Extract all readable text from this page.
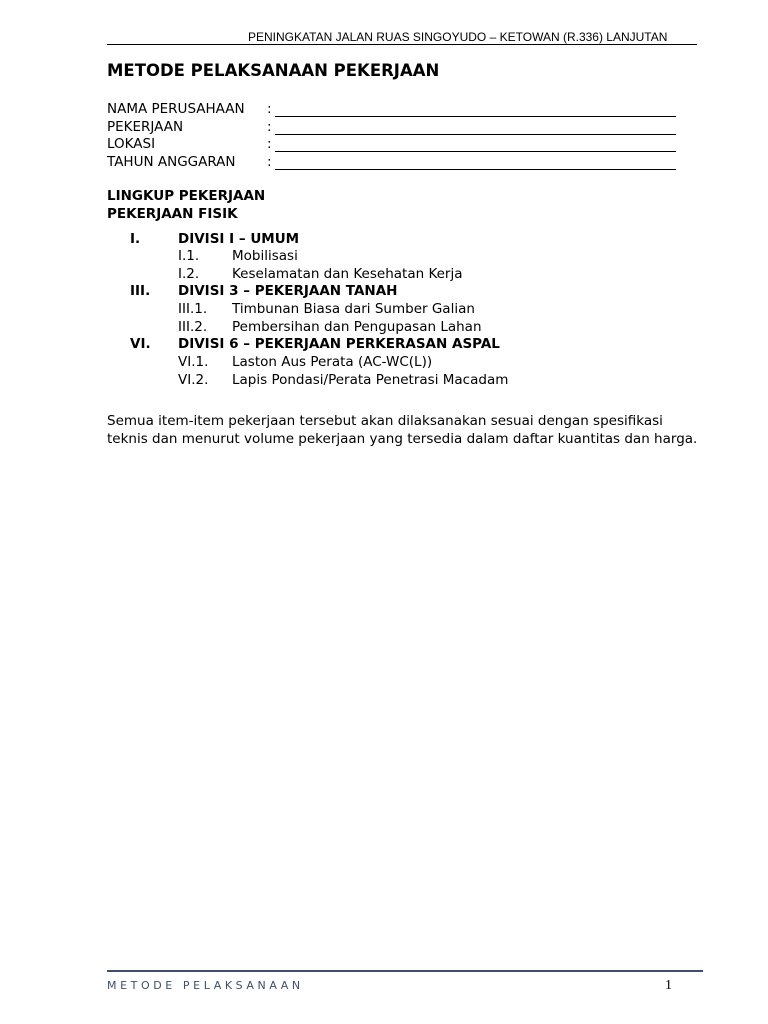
PENINGKATAN JALAN RUAS SINGOYUDO – KETOWAN (R.336) LANJUTAN
METODE PELAKSANAAN PEKERJAAN
NAMA PERUSAHAAN :
PEKERJAAN	:
LOKASI	:
TAHUN ANGGARAN :
LINGKUP PEKERJAAN
PEKERJAAN FISIK
I.	DIVISI I – UMUM
I.1. Mobilisasi
I.2. Keselamatan dan Kesehatan Kerja
III. DIVISI 3 – PEKERJAAN TANAH
III.1. Timbunan Biasa dari Sumber Galian
III.2. Pembersihan dan Pengupasan Lahan
VI. DIVISI 6 – PEKERJAAN PERKERASAN ASPAL
VI.1. Laston Aus Perata (AC-WC(L))
VI.2. Lapis Pondasi/Perata Penetrasi Macadam
Semua item-item pekerjaan tersebut akan dilaksanakan sesuai dengan spesifikasi teknis dan menurut volume pekerjaan yang tersedia dalam daftar kuantitas dan harga.
METODE PELAKSANAAN	1
